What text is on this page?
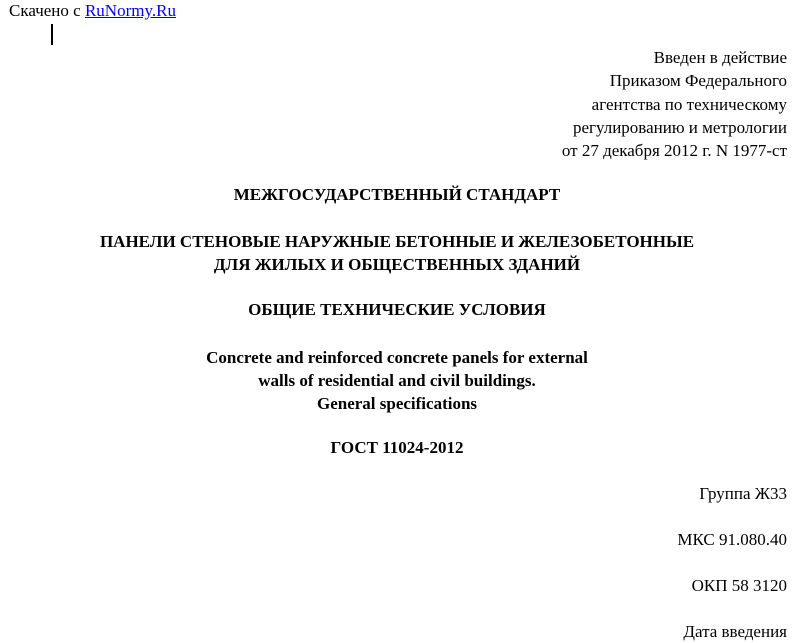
Скачено с RuNormy.Ru
Введен в действие
Приказом Федерального
агентства по техническому
регулированию и метрологии
от 27 декабря 2012 г. N 1977-ст
МЕЖГОСУДАРСТВЕННЫЙ СТАНДАРТ
ПАНЕЛИ СТЕНОВЫЕ НАРУЖНЫЕ БЕТОННЫЕ И ЖЕЛЕЗОБЕТОННЫЕ
ДЛЯ ЖИЛЫХ И ОБЩЕСТВЕННЫХ ЗДАНИЙ
ОБЩИЕ ТЕХНИЧЕСКИЕ УСЛОВИЯ
Concrete and reinforced concrete panels for external
walls of residential and civil buildings.
General specifications
ГОСТ 11024-2012
Группа Ж33
МКС 91.080.40
ОКП 58 3120
Дата введения
